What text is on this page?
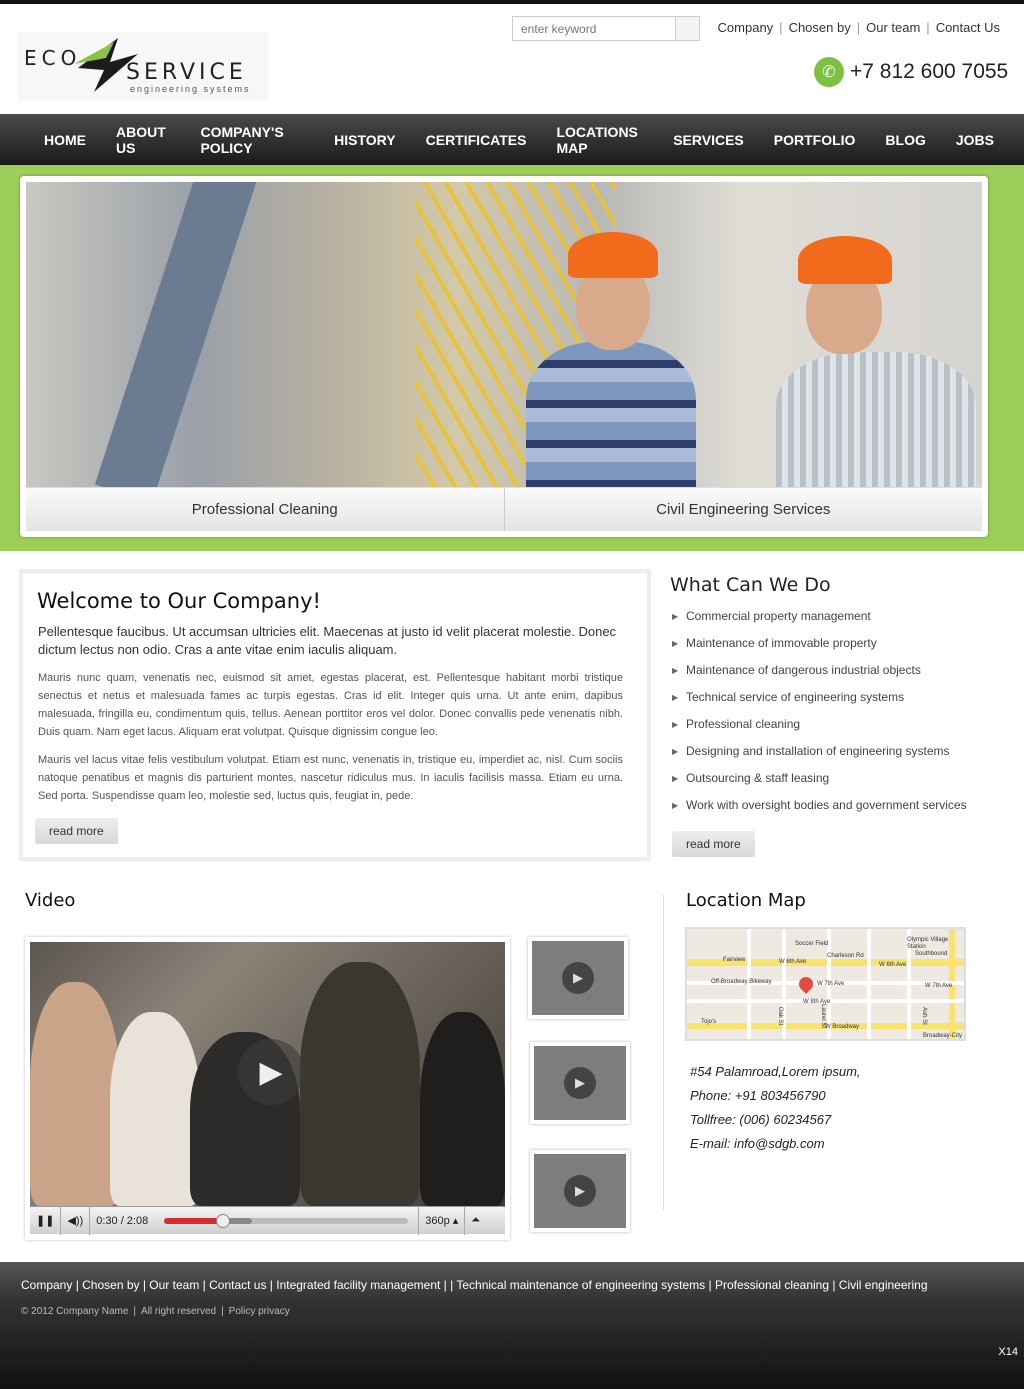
ECO
SERVICE
engineering systems
enter keyword
Company | Chosen by | Our team | Contact Us
✆ +7 812 600 7055
HOME ABOUT US
COMPANY'S POLICY	HISTORY CERTIFICATES LOCATIONS MAP	SERVICES PORTFOLIO BLOG JOBS
Professional Cleaning	Civil Engineering Services
Welcome to Our Company!

Pellentesque faucibus. Ut accumsan ultricies elit. Maecenas at justo id velit placerat molestie. Donec dictum lectus non odio. Cras a ante vitae enim iaculis aliquam.

Mauris nunc quam, venenatis nec, euismod sit amet, egestas placerat, est. Pellentesque habitant morbi tristique senectus et netus et malesuada fames ac turpis egestas. Cras id elit. Integer quis urna. Ut ante enim, dapibus malesuada, fringilla eu, condimentum quis, tellus. Aenean porttitor eros vel dolor. Donec convallis pede venenatis nibh. Duis quam. Nam eget lacus. Aliquam erat volutpat. Quisque dignissim congue leo.

Mauris vel lacus vitae felis vestibulum volutpat. Etiam est nunc, venenatis in, tristique eu, imperdiet ac, nisl. Cum sociis natoque penatibus et magnis dis parturient montes, nascetur ridiculus mus. In iaculis facilisis massa. Etiam eu urna. Sed porta. Suspendisse quam leo, molestie sed, luctus quis, feugiat in, pede.

read more
What Can We Do
▶ Commercial property management
▶ Maintenance of immovable property
▶ Maintenance of dangerous industrial objects
▶ Technical service of engineering systems
▶ Professional cleaning
▶ Designing and installation of engineering systems
▶ Outsourcing & staff leasing
▶ Work with oversight bodies and government services
read more
Video
▶
❚❚	◀))	0:30 / 2:08	360p ▴	⏶
▶
▶
▶
Location Map
Soccer Field
Charleson Rd
Fairview	W 6th Ave	W 6th Ave
Olympic Village Station
Southbound
Off-Broadway Bikeway	W 7th Ave	W 7th Ave
W 8th Ave
Tojo's	Oak St
W Broadway
Laurel St	Ash St
Broadway-City
#54 Palamroad,Lorem ipsum,
Phone: +91 803456790
Tollfree: (006) 60234567
E-mail: info@sdgb.com
Company | Chosen by | Our team | Contact us | Integrated facility management | | Technical maintenance of engineering systems | Professional cleaning | Civil engineering
© 2012 Company Name | All right reserved | Policy privacy
X14
